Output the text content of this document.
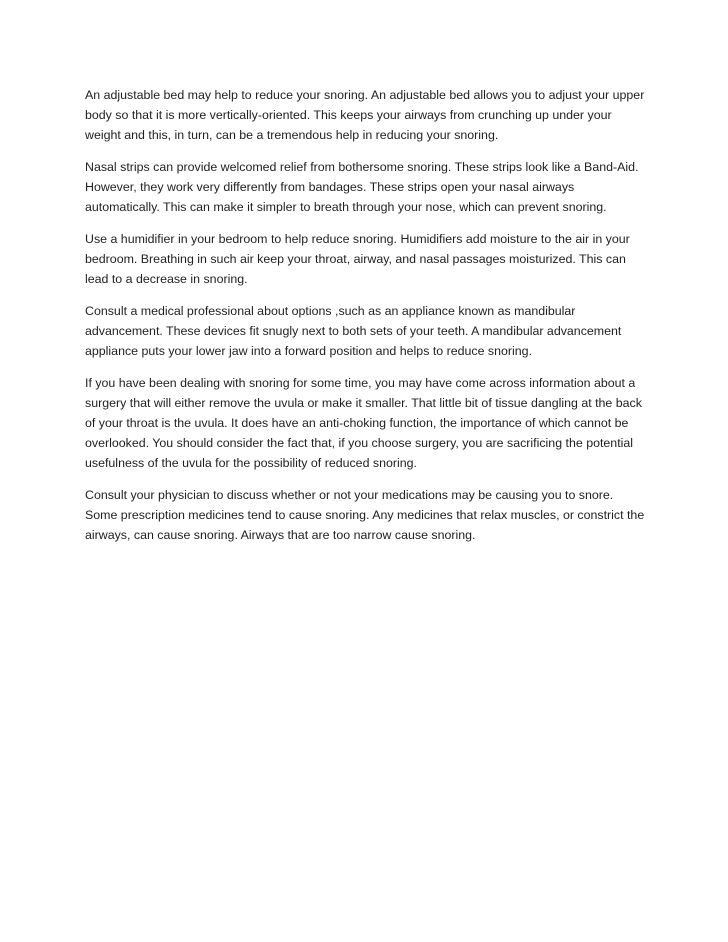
An adjustable bed may help to reduce your snoring. An adjustable bed allows you to adjust your upper body so that it is more vertically-oriented. This keeps your airways from crunching up under your weight and this, in turn, can be a tremendous help in reducing your snoring.

Nasal strips can provide welcomed relief from bothersome snoring. These strips look like a Band-Aid. However, they work very differently from bandages. These strips open your nasal airways automatically. This can make it simpler to breath through your nose, which can prevent snoring.

Use a humidifier in your bedroom to help reduce snoring. Humidifiers add moisture to the air in your bedroom. Breathing in such air keep your throat, airway, and nasal passages moisturized. This can lead to a decrease in snoring.

Consult a medical professional about options ,such as an appliance known as mandibular advancement. These devices fit snugly next to both sets of your teeth. A mandibular advancement appliance puts your lower jaw into a forward position and helps to reduce snoring.

If you have been dealing with snoring for some time, you may have come across information about a surgery that will either remove the uvula or make it smaller. That little bit of tissue dangling at the back of your throat is the uvula. It does have an anti-choking function, the importance of which cannot be overlooked. You should consider the fact that, if you choose surgery, you are sacrificing the potential usefulness of the uvula for the possibility of reduced snoring.

Consult your physician to discuss whether or not your medications may be causing you to snore. Some prescription medicines tend to cause snoring. Any medicines that relax muscles, or constrict the airways, can cause snoring. Airways that are too narrow cause snoring.
